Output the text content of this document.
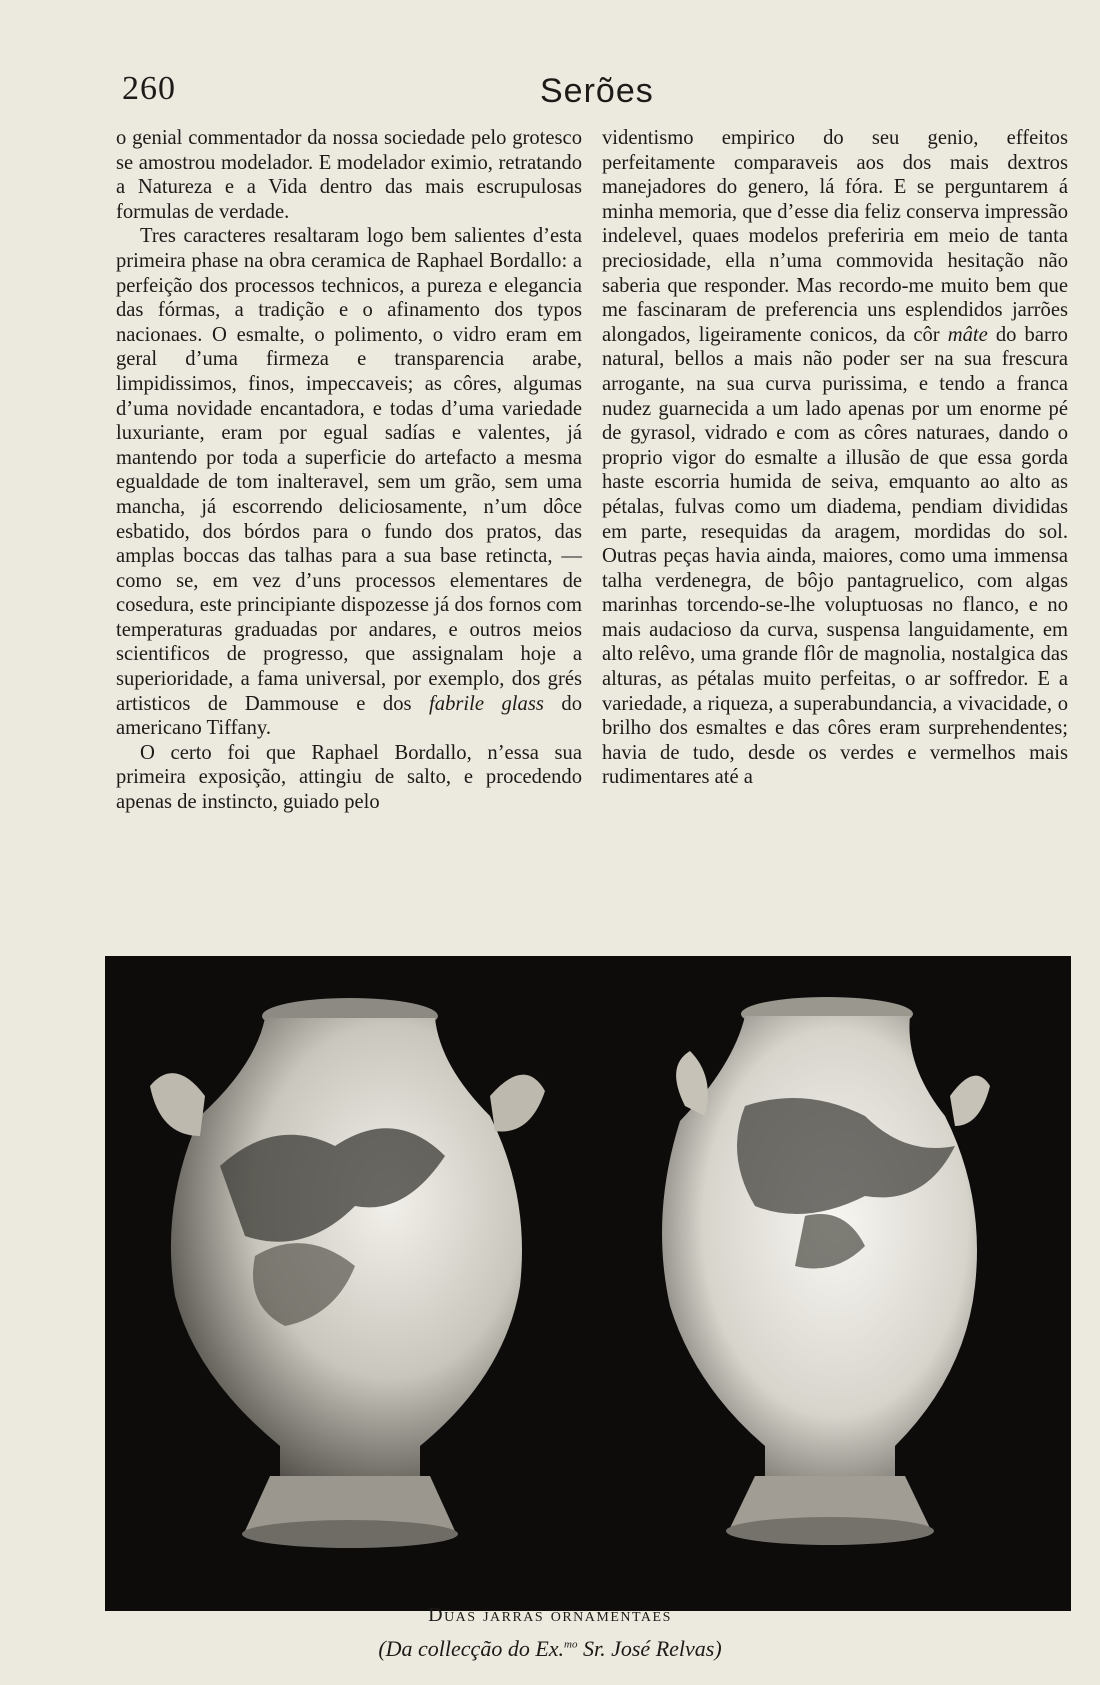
260	Serões

o genial commentador da nossa sociedade pelo grotesco se amostrou modelador. E modelador eximio, retratando a Natureza e a Vida dentro das mais escrupulosas formulas de verdade.

Tres caracteres resaltaram logo bem salientes d’esta primeira phase na obra ceramica de Raphael Bordallo: a perfeição dos processos technicos, a pureza e elegancia das fórmas, a tradição e o afinamento dos typos nacionaes. O esmalte, o polimento, o vidro eram em geral d’uma firmeza e transparencia arabe, limpidissimos, finos, impeccaveis; as côres, algumas d’uma novidade encantadora, e todas d’uma variedade luxuriante, eram por egual sadías e valentes, já mantendo por toda a superficie do artefacto a mesma egualdade de tom inalteravel, sem um grão, sem uma mancha, já escorrendo deliciosamente, n’um dôce esbatido, dos bórdos para o fundo dos pratos, das amplas boccas das talhas para a sua base retincta, — como se, em vez d’uns processos elementares de cosedura, este principiante dispozesse já dos fornos com temperaturas graduadas por andares, e outros meios scientificos de progresso, que assignalam hoje a superioridade, a fama universal, por exemplo, dos grés artisticos de Dammouse e dos fabrile glass do americano Tiffany.

O certo foi que Raphael Bordallo, n’essa sua primeira exposição, attingiu de salto, e procedendo apenas de instincto, guiado pelo

videntismo empirico do seu genio, effeitos perfeitamente comparaveis aos dos mais dextros manejadores do genero, lá fóra. E se perguntarem á minha memoria, que d’esse dia feliz conserva impressão indelevel, quaes modelos preferiria em meio de tanta preciosidade, ella n’uma commovida hesitação não saberia que responder. Mas recordo-me muito bem que me fascinaram de preferencia uns esplendidos jarrões alongados, ligeiramente conicos, da côr mâte do barro natural, bellos a mais não poder ser na sua frescura arrogante, na sua curva purissima, e tendo a franca nudez guarnecida a um lado apenas por um enorme pé de gyrasol, vidrado e com as côres naturaes, dando o proprio vigor do esmalte a illusão de que essa gorda haste escorria humida de seiva, emquanto ao alto as pétalas, fulvas como um diadema, pendiam divididas em parte, resequidas da aragem, mordidas do sol. Outras peças havia ainda, maiores, como uma immensa talha verdenegra, de bôjo pantagruelico, com algas marinhas torcendo-se-lhe voluptuosas no flanco, e no mais audacioso da curva, suspensa languidamente, em alto relêvo, uma grande flôr de magnolia, nostalgica das alturas, as pétalas muito perfeitas, o ar soffredor. E a variedade, a riqueza, a superabundancia, a vivacidade, o brilho dos esmaltes e das côres eram surprehendentes; havia de tudo, desde os verdes e vermelhos mais rudimentares até a

Duas jarras ornamentaes
(Da collecção do Ex.$^{mo}$ Sr. José Relvas)
